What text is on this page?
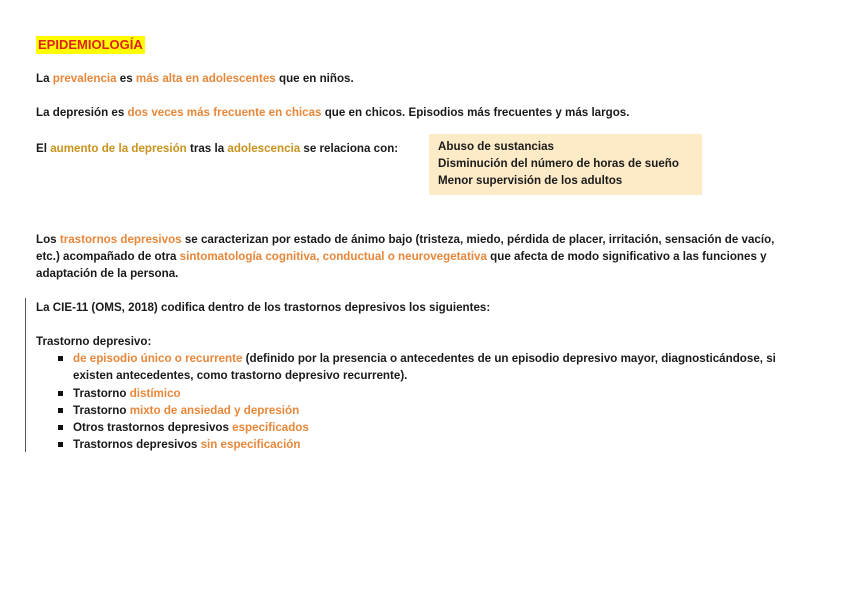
EPIDEMIOLOGÍA
La prevalencia es más alta en adolescentes que en niños.
La depresión es dos veces más frecuente en chicas que en chicos. Episodios más frecuentes y más largos.
El aumento de la depresión tras la adolescencia se relaciona con:	Abuso de sustancias
Disminución del número de horas de sueño
Menor supervisión de los adultos
Los trastornos depresivos se caracterizan por estado de ánimo bajo (tristeza, miedo, pérdida de placer, irritación, sensación de vacío,
etc.) acompañado de otra sintomatología cognitiva, conductual o neurovegetativa que afecta de modo significativo a las funciones y
adaptación de la persona.
La CIE-11 (OMS, 2018) codifica dentro de los trastornos depresivos los siguientes:
Trastorno depresivo:
de episodio único o recurrente (definido por la presencia o antecedentes de un episodio depresivo mayor, diagnosticándose, si
existen antecedentes, como trastorno depresivo recurrente).
Trastorno distímico
Trastorno mixto de ansiedad y depresión
Otros trastornos depresivos especificados
Trastornos depresivos sin especificación
